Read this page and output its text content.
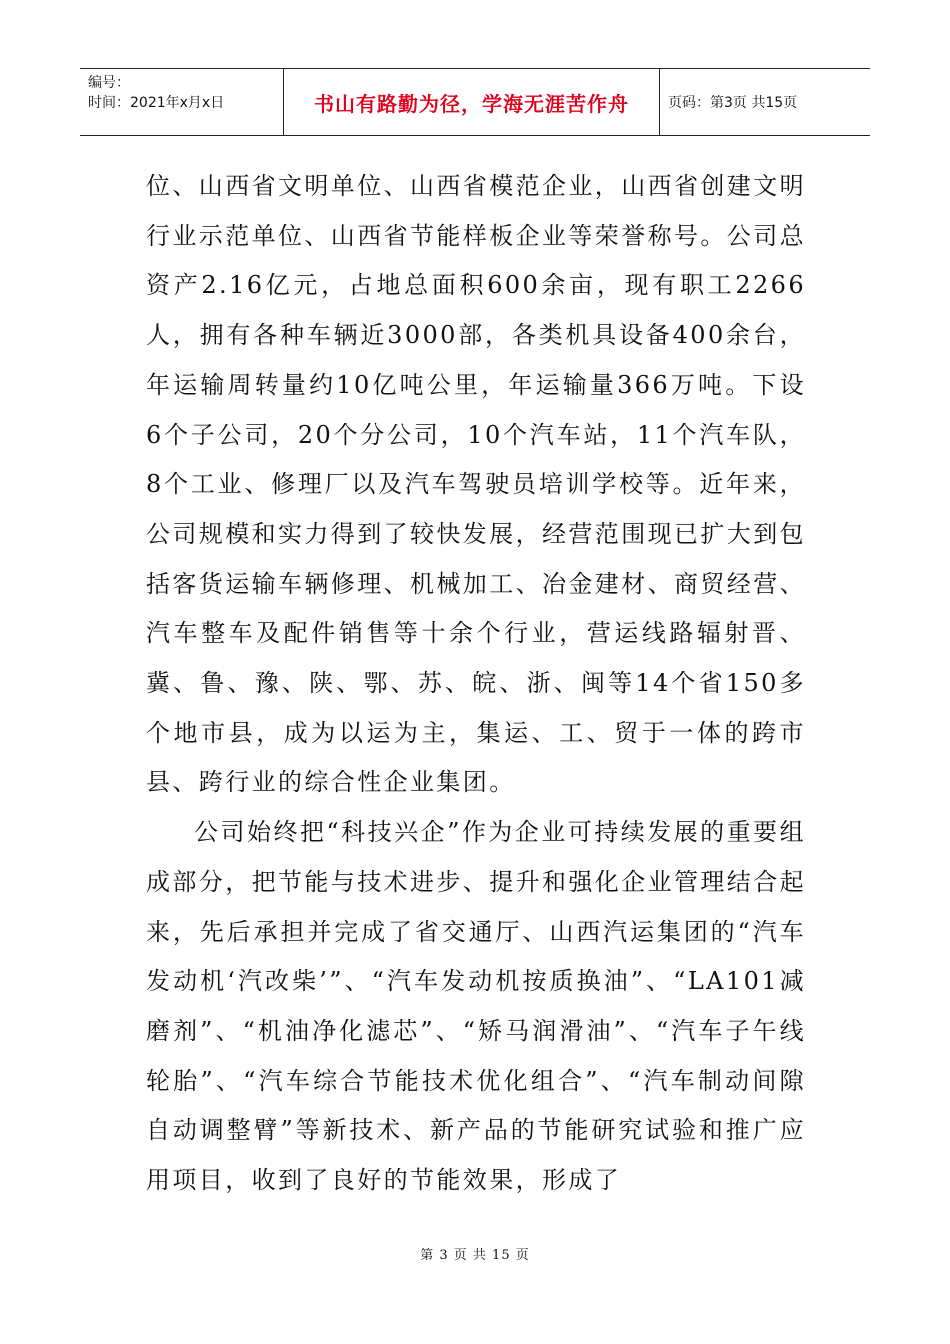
编号：
时间：2021年x月x日	书山有路勤为径，学海无涯苦作舟	页码：第3页 共15页

位、山西省文明单位、山西省模范企业，山西省创建文明行业示范单位、山西省节能样板企业等荣誉称号。公司总资产2.16亿元，占地总面积600余亩，现有职工2266人，拥有各种车辆近3000部，各类机具设备400余台，年运输周转量约10亿吨公里，年运输量366万吨。下设6个子公司，20个分公司，10个汽车站，11个汽车队，8个工业、修理厂以及汽车驾驶员培训学校等。近年来，公司规模和实力得到了较快发展，经营范围现已扩大到包括客货运输车辆修理、机械加工、冶金建材、商贸经营、汽车整车及配件销售等十余个行业，营运线路辐射晋、冀、鲁、豫、陕、鄂、苏、皖、浙、闽等14个省150多个地市县，成为以运为主，集运、工、贸于一体的跨市县、跨行业的综合性企业集团。

公司始终把“科技兴企”作为企业可持续发展的重要组成部分，把节能与技术进步、提升和强化企业管理结合起来，先后承担并完成了省交通厅、山西汽运集团的“汽车发动机‘汽改柴’”、“汽车发动机按质换油”、“LA101减磨剂”、“机油净化滤芯”、“矫马润滑油”、“汽车子午线轮胎”、“汽车综合节能技术优化组合”、“汽车制动间隙自动调整臂”等新技术、新产品的节能研究试验和推广应用项目，收到了良好的节能效果，形成了

第 3 页 共 15 页
